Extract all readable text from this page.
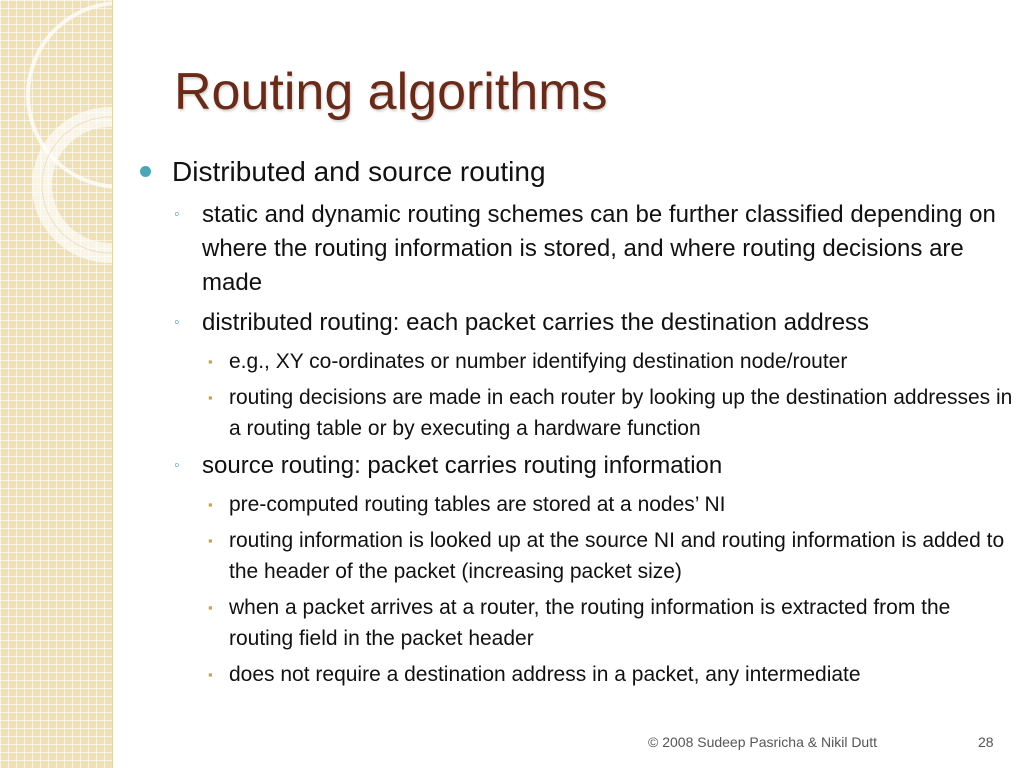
Routing algorithms
Distributed and source routing
◦ static and dynamic routing schemes can be further classified depending on where the routing information is stored, and where routing decisions are made
◦ distributed routing: each packet carries the destination address
▪ e.g., XY co-ordinates or number identifying destination node/router
▪ routing decisions are made in each router by looking up the destination addresses in a routing table or by executing a hardware function
◦ source routing: packet carries routing information
▪ pre-computed routing tables are stored at a nodes’ NI
▪ routing information is looked up at the source NI and routing information is added to the header of the packet (increasing packet size)
▪ when a packet arrives at a router, the routing information is extracted from the routing field in the packet header
▪ does not require a destination address in a packet, any intermediate
© 2008 Sudeep Pasricha & Nikil Dutt	28
